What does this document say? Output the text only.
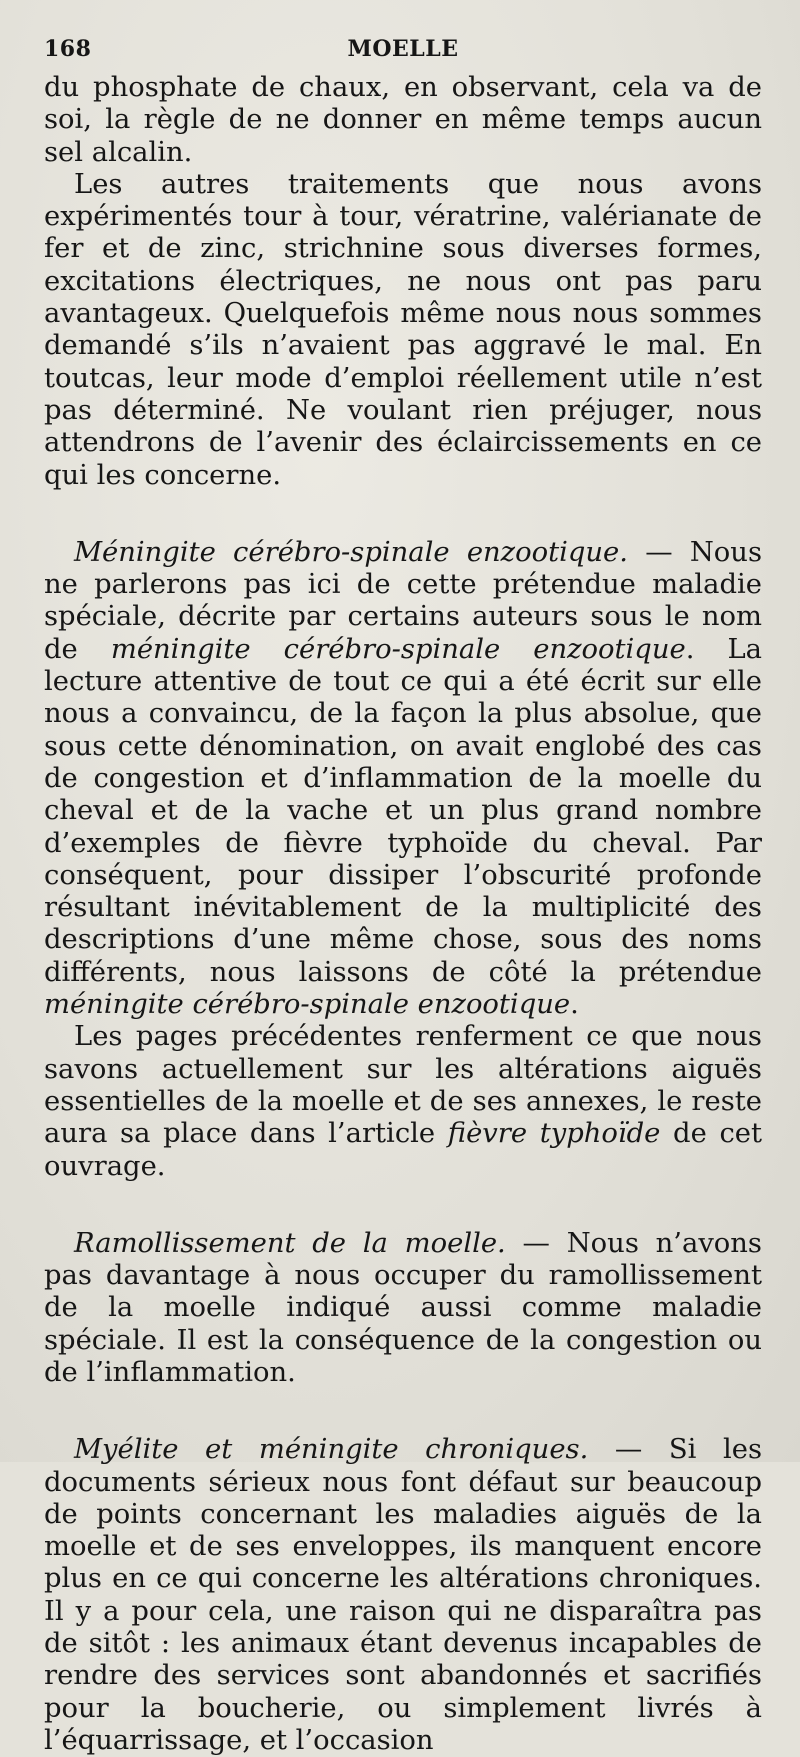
168	MOELLE

du phosphate de chaux, en observant, cela va de soi, la règle de ne donner en même temps aucun sel alcalin.

Les autres traitements que nous avons expérimentés tour à tour, vératrine, valérianate de fer et de zinc, strichnine sous diverses formes, excitations électriques, ne nous ont pas paru avantageux. Quelquefois même nous nous sommes demandé s’ils n’avaient pas aggravé le mal. En toutcas, leur mode d’emploi réellement utile n’est pas déterminé. Ne voulant rien préjuger, nous attendrons de l’avenir des éclaircissements en ce qui les concerne.

Méningite cérébro-spinale enzootique. — Nous ne parlerons pas ici de cette prétendue maladie spéciale, décrite par certains auteurs sous le nom de méningite cérébro-spinale enzootique. La lecture attentive de tout ce qui a été écrit sur elle nous a convaincu, de la façon la plus absolue, que sous cette dénomination, on avait englobé des cas de congestion et d’inflammation de la moelle du cheval et de la vache et un plus grand nombre d’exemples de fièvre typhoïde du cheval. Par conséquent, pour dissiper l’obscurité profonde résultant inévitablement de la multiplicité des descriptions d’une même chose, sous des noms différents, nous laissons de côté la prétendue méningite cérébro-spinale enzootique.

Les pages précédentes renferment ce que nous savons actuellement sur les altérations aiguës essentielles de la moelle et de ses annexes, le reste aura sa place dans l’article fièvre typhoïde de cet ouvrage.

Ramollissement de la moelle. — Nous n’avons pas davantage à nous occuper du ramollissement de la moelle indiqué aussi comme maladie spéciale. Il est la conséquence de la congestion ou de l’inflammation.

Myélite et méningite chroniques. — Si les documents sérieux nous font défaut sur beaucoup de points concernant les maladies aiguës de la moelle et de ses enveloppes, ils manquent encore plus en ce qui concerne les altérations chroniques. Il y a pour cela, une raison qui ne disparaîtra pas de sitôt : les animaux étant devenus incapables de rendre des services sont abandonnés et sacrifiés pour la boucherie, ou simplement livrés à l’équarrissage, et l’occasion
